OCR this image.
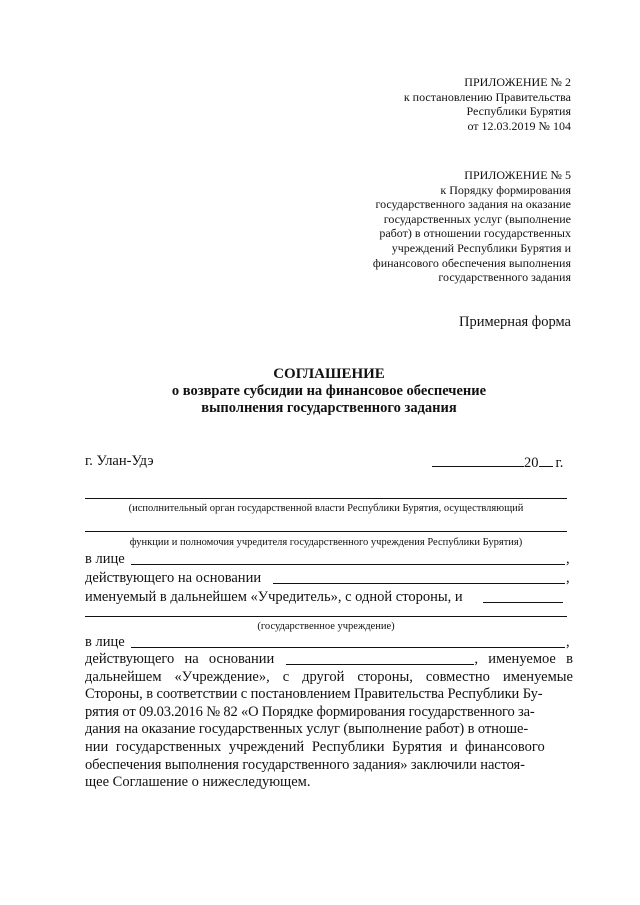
ПРИЛОЖЕНИЕ № 2
к постановлению Правительства
Республики Бурятия
от 12.03.2019 № 104
ПРИЛОЖЕНИЕ № 5
к Порядку формирования
государственного задания на оказание
государственных услуг (выполнение
работ) в отношении государственных
учреждений Республики Бурятия и
финансового обеспечения выполнения
государственного задания
Примерная форма
СОГЛАШЕНИЕ
о возврате субсидии на финансовое обеспечение
выполнения государственного задания
г. Улан-Удэ	20 г.
(исполнительный орган государственной власти Республики Бурятия, осуществляющий
функции и полномочия учредителя государственного учреждения Республики Бурятия)
в лице	,
действующего на основании	,
именуемый в дальнейшем «Учредитель», с одной стороны, и
(государственное учреждение)
в лице	,
действующего на основании	, именуемое в
дальнейшем «Учреждение», с другой стороны, совместно именуемые
Стороны, в соответствии с постановлением Правительства Республики Бу-
рятия от 09.03.2016 № 82 «О Порядке формирования государственного за-
дания на оказание государственных услуг (выполнение работ) в отноше-
нии государственных учреждений Республики Бурятия и финансового
обеспечения выполнения государственного задания» заключили настоя-
щее Соглашение о нижеследующем.
